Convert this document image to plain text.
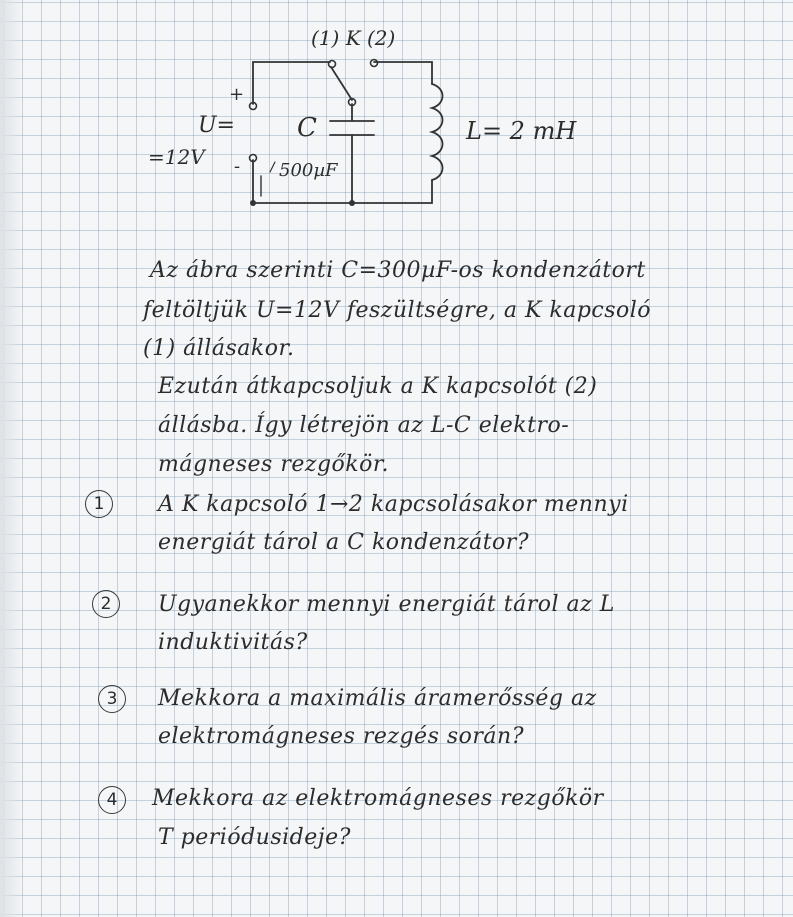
(1) K (2)
+
U=
=12V -
C
500µF
L= 2 mH
Az ábra szerinti C=300µF-os kondenzátort
feltöltjük U=12V feszültségre, a K kapcsoló
(1) állásakor.
Ezután átkapcsoljuk a K kapcsolót (2)
állásba. Így létrejön az L-C elektro-
mágneses rezgőkör.
1	A K kapcsoló 1→2 kapcsolásakor mennyi
energiát tárol a C kondenzátor?
2	Ugyanekkor mennyi energiát tárol az L
induktivitás?
3	Mekkora a maximális áramerősség az
elektromágneses rezgés során?
4	Mekkora az elektromágneses rezgőkör
T periódusideje?
